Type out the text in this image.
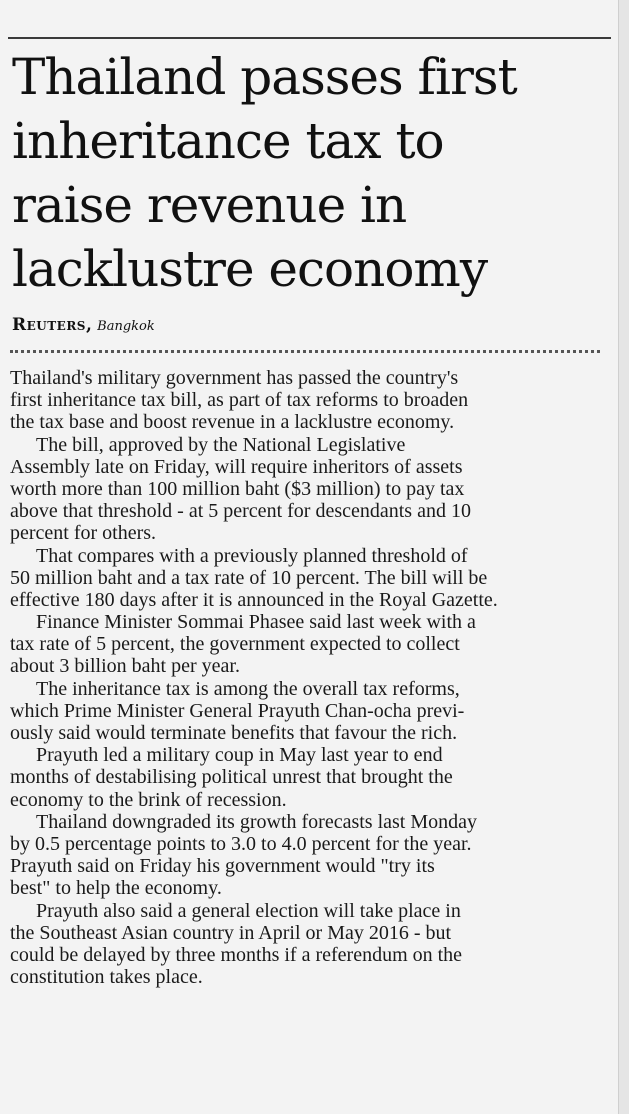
Thailand passes first
inheritance tax to
raise revenue in
lacklustre economy
Reuters, Bangkok
Thailand's military government has passed the country's
first inheritance tax bill, as part of tax reforms to broaden
the tax base and boost revenue in a lacklustre economy.
The bill, approved by the National Legislative
Assembly late on Friday, will require inheritors of assets
worth more than 100 million baht ($3 million) to pay tax
above that threshold - at 5 percent for descendants and 10
percent for others.
That compares with a previously planned threshold of
50 million baht and a tax rate of 10 percent. The bill will be
effective 180 days after it is announced in the Royal Gazette.
Finance Minister Sommai Phasee said last week with a
tax rate of 5 percent, the government expected to collect
about 3 billion baht per year.
The inheritance tax is among the overall tax reforms,
which Prime Minister General Prayuth Chan-ocha previ-
ously said would terminate benefits that favour the rich.
Prayuth led a military coup in May last year to end
months of destabilising political unrest that brought the
economy to the brink of recession.
Thailand downgraded its growth forecasts last Monday
by 0.5 percentage points to 3.0 to 4.0 percent for the year.
Prayuth said on Friday his government would "try its
best" to help the economy.
Prayuth also said a general election will take place in
the Southeast Asian country in April or May 2016 - but
could be delayed by three months if a referendum on the
constitution takes place.
